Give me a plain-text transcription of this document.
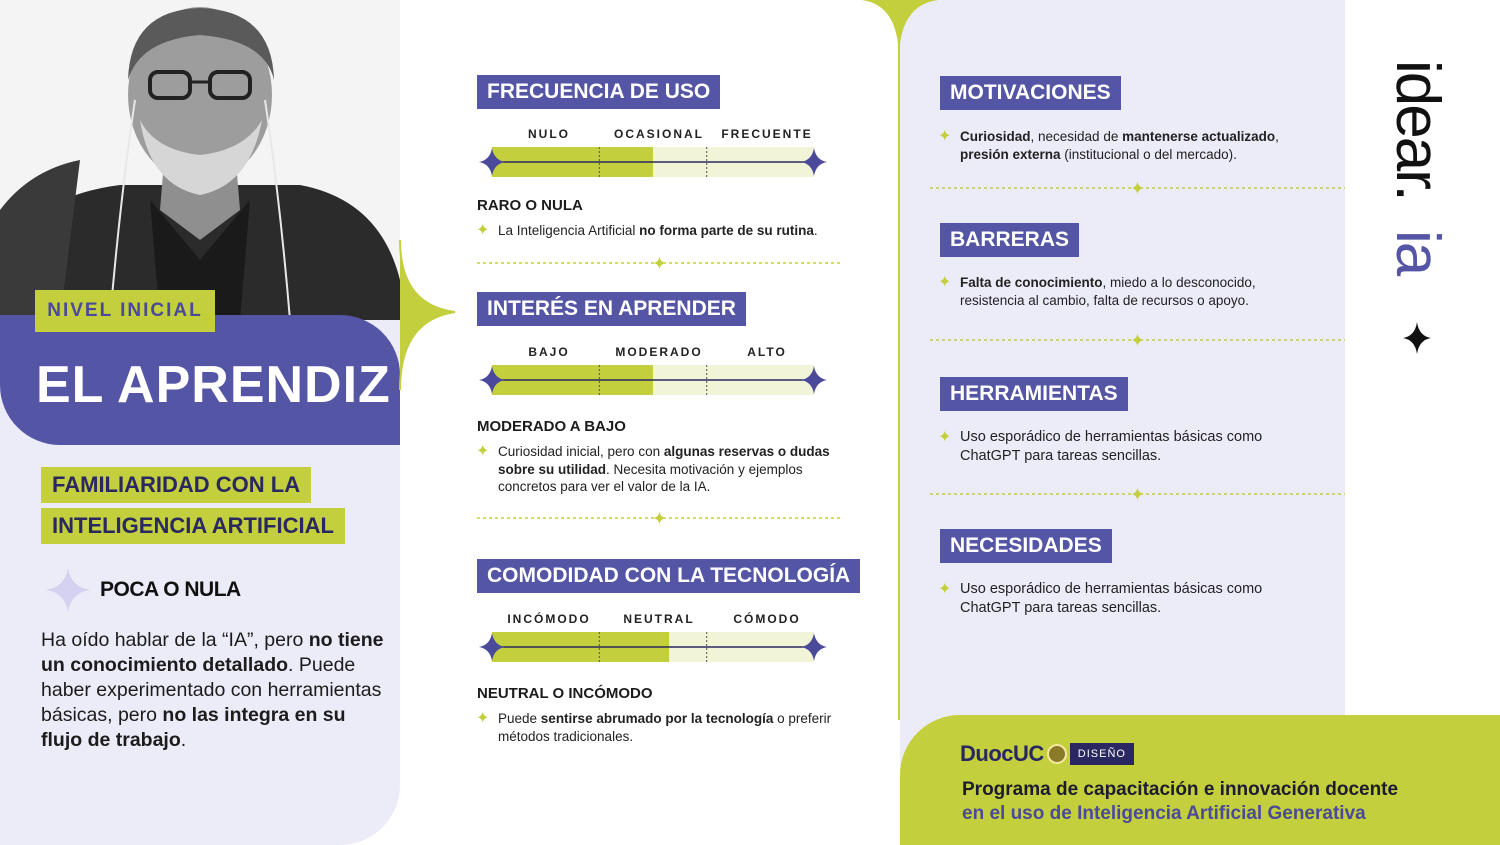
NIVEL INICIAL
EL APRENDIZ
FAMILIARIDAD CON LA
INTELIGENCIA ARTIFICIAL
POCA O NULA

Ha oído hablar de la “IA”, pero no tiene un conocimiento detallado. Puede haber experimentado con herramientas básicas, pero no las integra en su flujo de trabajo.

FRECUENCIA DE USO
NULO	OCASIONAL FRECUENTE
RARO O NULA

✦ La Inteligencia Artificial no forma parte de su rutina.

INTERÉS EN APRENDER
BAJO	MODERADO	ALTO
MODERADO A BAJO

✦ Curiosidad inicial, pero con algunas reservas o dudas sobre su utilidad. Necesita motivación y ejemplos concretos para ver el valor de la IA.

COMODIDAD CON LA TECNOLOGÍA
INCÓMODO	NEUTRAL	CÓMODO
NEUTRAL O INCÓMODO

✦ Puede sentirse abrumado por la tecnología o preferir métodos tradicionales.

MOTIVACIONES

✦ Curiosidad, necesidad de mantenerse actualizado, presión externa (institucional o del mercado).

BARRERAS

✦ Falta de conocimiento, miedo a lo desconocido, resistencia al cambio, falta de recursos o apoyo.

HERRAMIENTAS

✦ Uso esporádico de herramientas básicas como ChatGPT para tareas sencillas.

NECESIDADES

✦ Uso esporádico de herramientas básicas como ChatGPT para tareas sencillas.

idear.
ia
DuocUC	DISEÑO
Programa de capacitación e innovación docente
en el uso de Inteligencia Artificial Generativa
